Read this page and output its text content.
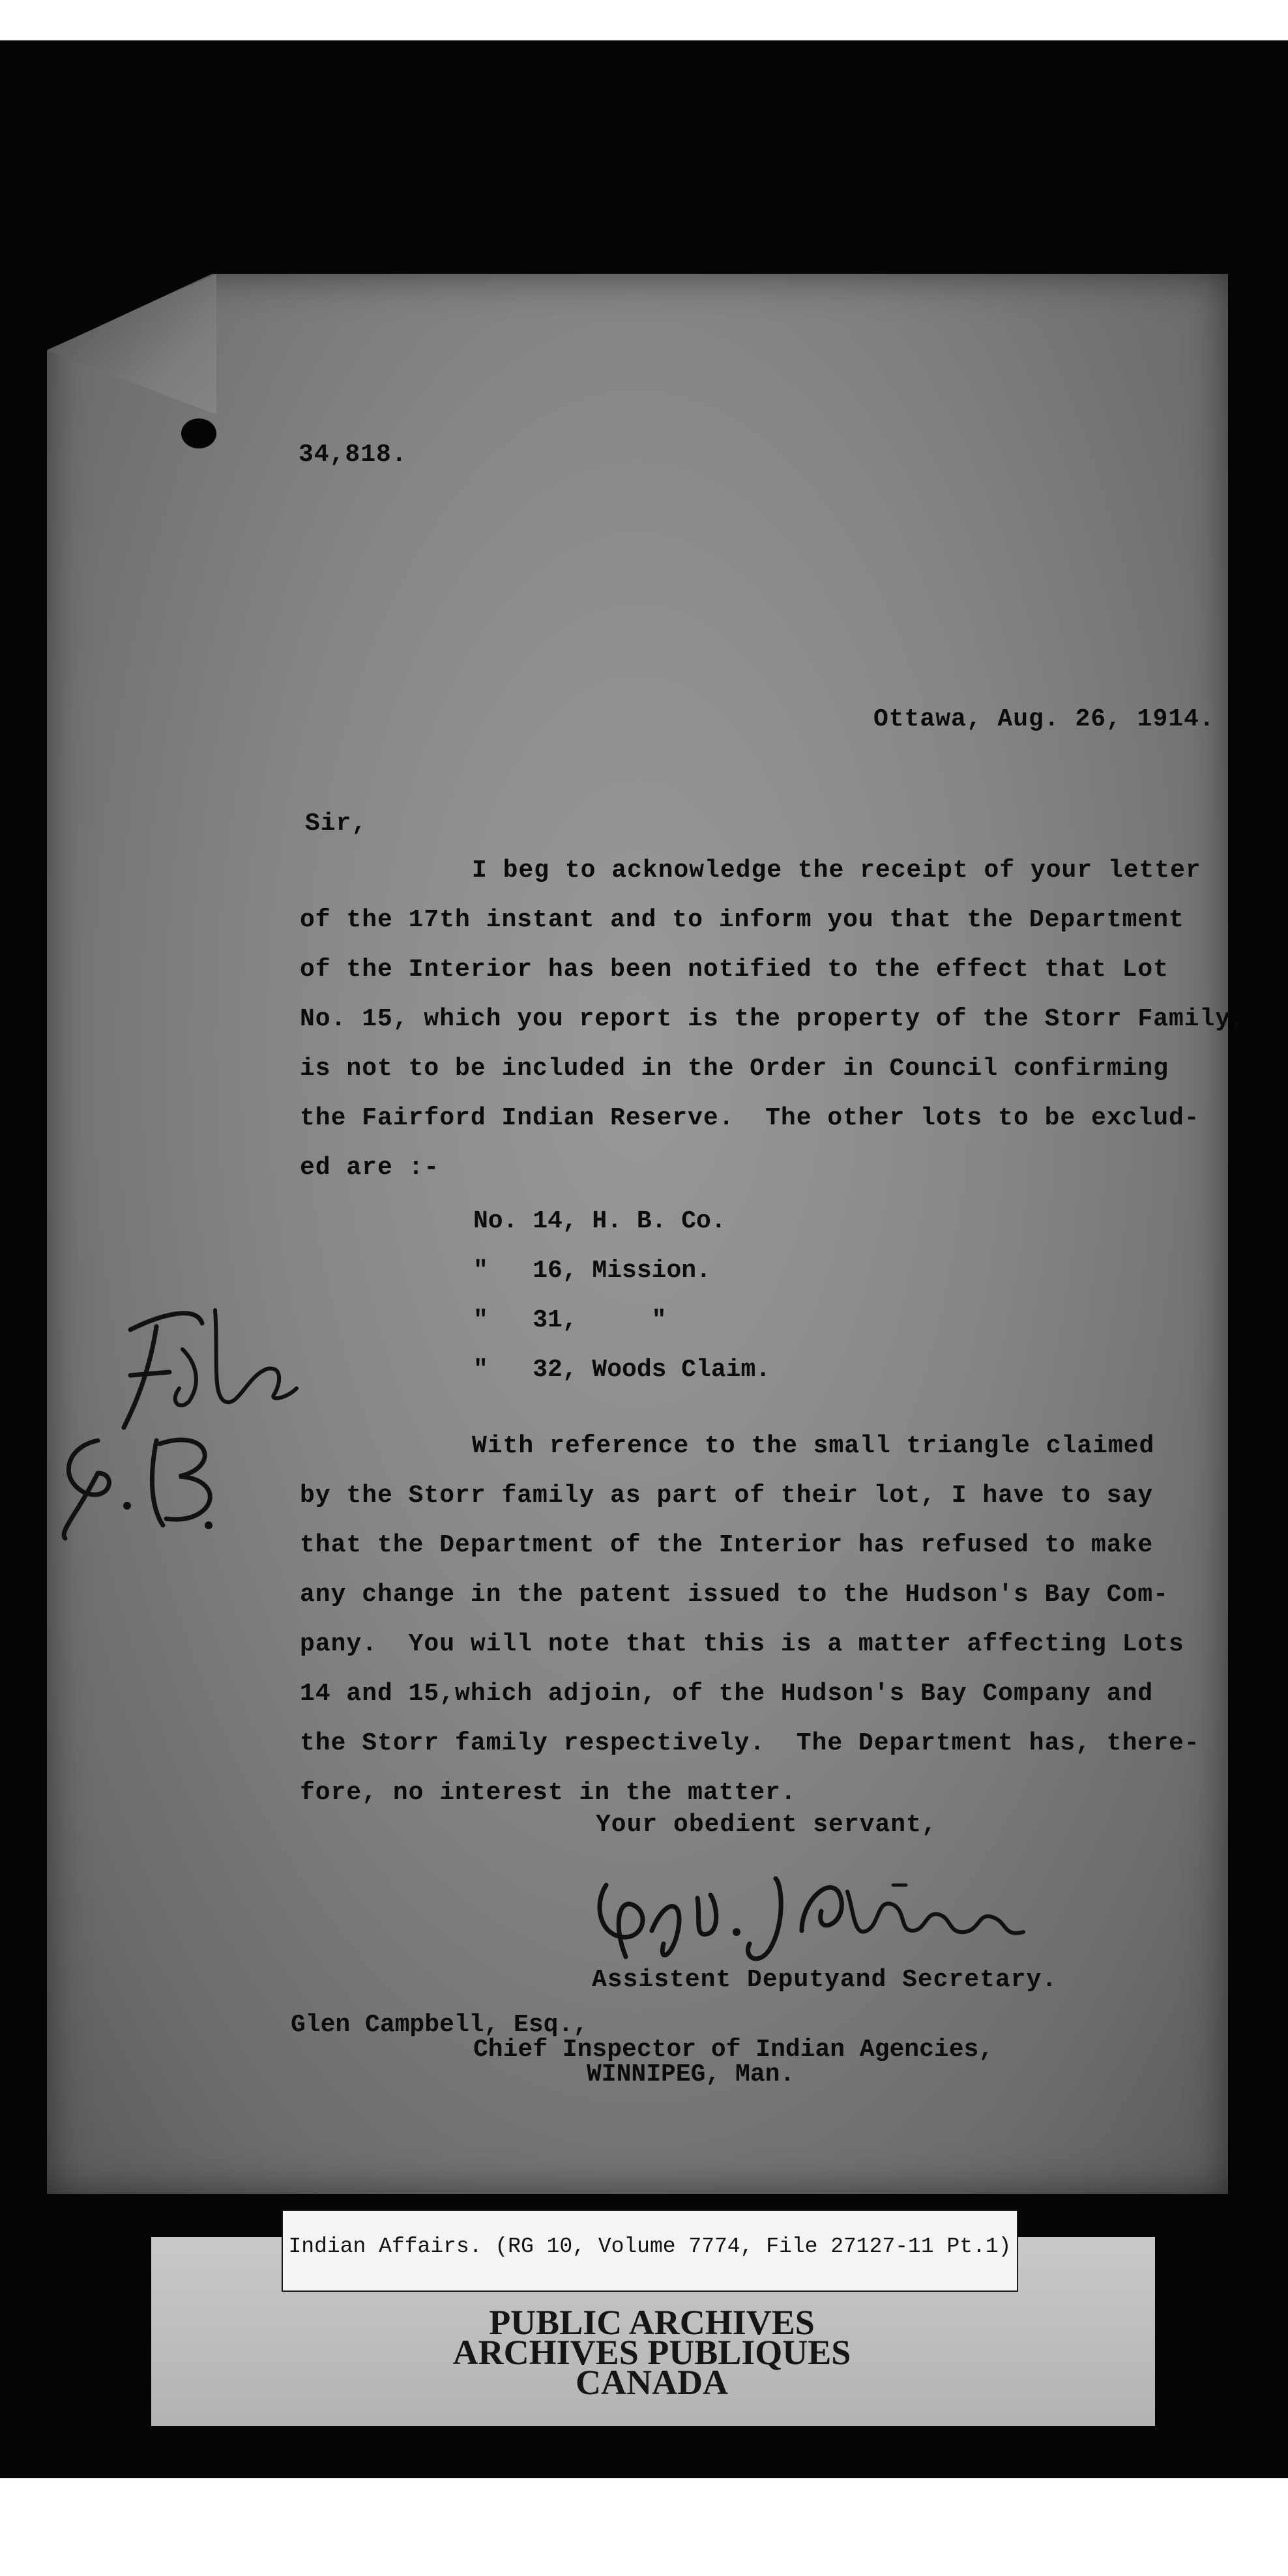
34,818.
Ottawa, Aug. 26, 1914.
Sir,
I beg to acknowledge the receipt of your letter
of the 17th instant and to inform you that the Department
of the Interior has been notified to the effect that Lot
No. 15, which you report is the property of the Storr Family,
is not to be included in the Order in Council confirming
the Fairford Indian Reserve.  The other lots to be exclud-
ed are :-
No. 14, H. B. Co.
"   16, Mission.
"   31,     "
"   32, Woods Claim.
With reference to the small triangle claimed
by the Storr family as part of their lot, I have to say
that the Department of the Interior has refused to make
any change in the patent issued to the Hudson's Bay Com-
pany.  You will note that this is a matter affecting Lots
14 and 15,which adjoin, of the Hudson's Bay Company and
the Storr family respectively.  The Department has, there-
fore, no interest in the matter.
Your obedient servant,
Assistent Deputyand Secretary.
Glen Campbell, Esq.,
Chief Inspector of Indian Agencies,
WINNIPEG, Man.
Indian Affairs. (RG 10, Volume 7774, File 27127-11 Pt.1)
PUBLIC ARCHIVES
ARCHIVES PUBLIQUES
CANADA
